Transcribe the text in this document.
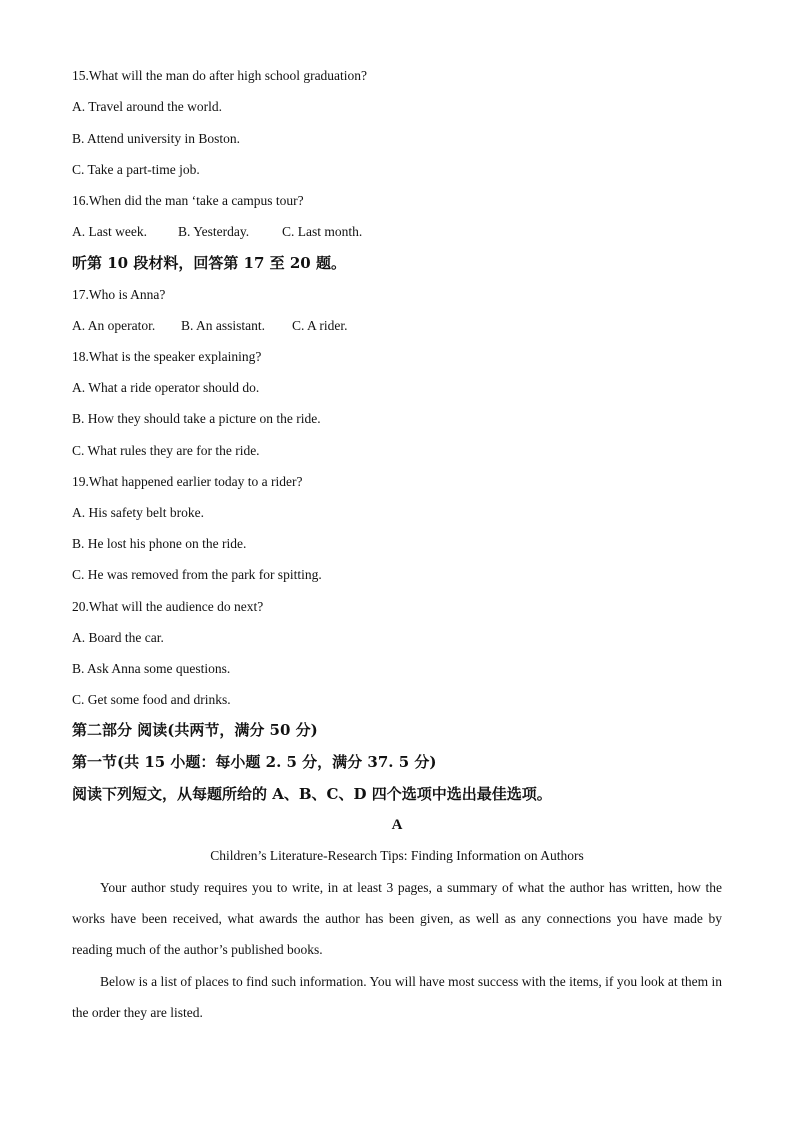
15.What will the man do after high school graduation?
A. Travel around the world.
B. Attend university in Boston.
C. Take a part-time job.
16.When did the man ‘take a campus tour?
A. Last week. B. Yesterday. C. Last month.
听第 10 段材料，回答第 17 至 20 题。
17.Who is Anna?
A. An operator. B. An assistant. C. A rider.
18.What is the speaker explaining?
A. What a ride operator should do.
B. How they should take a picture on the ride.
C. What rules they are for the ride.
19.What happened earlier today to a rider?
A. His safety belt broke.
B. He lost his phone on the ride.
C. He was removed from the park for spitting.
20.What will the audience do next?
A. Board the car.
B. Ask Anna some questions.
C. Get some food and drinks.
第二部分 阅读(共两节，满分 50 分)
第一节(共 15 小题：每小题 2. 5 分，满分 37. 5 分)
阅读下列短文，从每题所给的 A、B、C、D 四个选项中选出最佳选项。
A
Children’s Literature-Research Tips: Finding Information on Authors
Your author study requires you to write, in at least 3 pages, a summary of what the author has written, how the works have been received, what awards the author has been given, as well as any connections you have made by reading much of the author’s published books.
Below is a list of places to find such information. You will have most success with the items, if you look at them in the order they are listed.
